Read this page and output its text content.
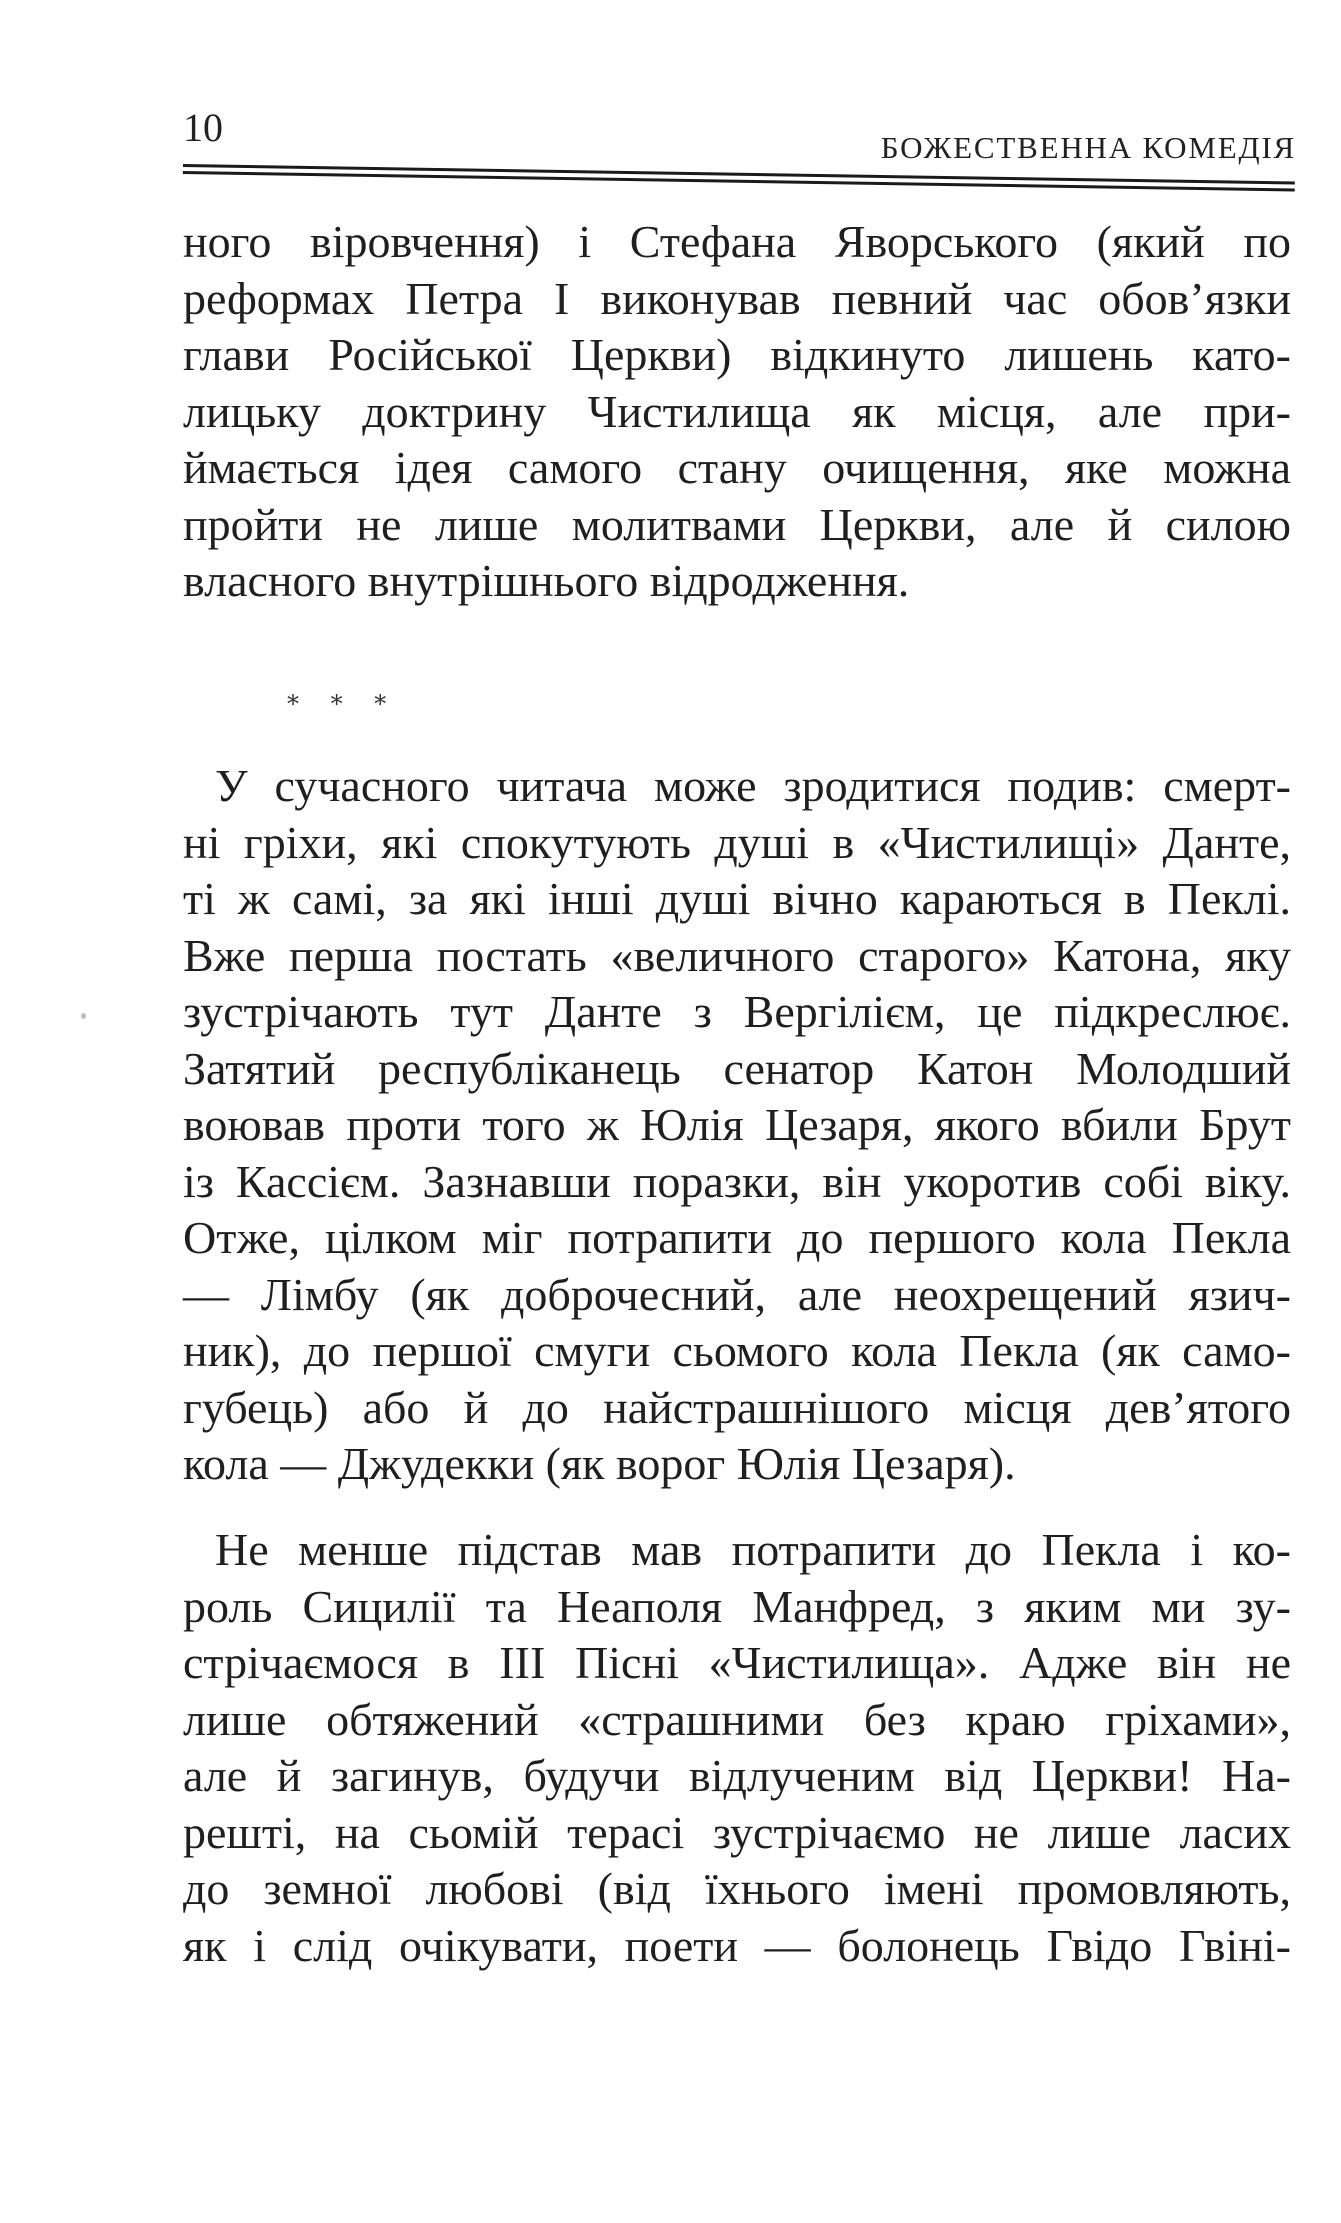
10	БОЖЕСТВЕННА КОМЕДІЯ
ного віровчення) і Стефана Яворського (який по
реформах Петра I виконував певний час обов’язки
глави Російської Церкви) відкинуто лишень като-
лицьку доктрину Чистилища як місця, але при-
ймається ідея самого стану очищення, яке можна
пройти не лише молитвами Церкви, але й силою
власного внутрішнього відродження.
* * *
У сучасного читача може зродитися подив: смерт-
ні гріхи, які спокутують душі в «Чистилищі» Данте,
ті ж самі, за які інші душі вічно караються в Пеклі.
Вже перша постать «величного старого» Катона, яку
зустрічають тут Данте з Вергілієм, це підкреслює.
Затятий республіканець сенатор Катон Молодший
воював проти того ж Юлія Цезаря, якого вбили Брут
із Кассієм. Зазнавши поразки, він укоротив собі віку.
Отже, цілком міг потрапити до першого кола Пекла
— Лімбу (як доброчесний, але неохрещений язич-
ник), до першої смуги сьомого кола Пекла (як само-
губець) або й до найстрашнішого місця дев’ятого
кола — Джудекки (як ворог Юлія Цезаря).
Не менше підстав мав потрапити до Пекла і ко-
роль Сицилії та Неаполя Манфред, з яким ми зу-
стрічаємося в III Пісні «Чистилища». Адже він не
лише обтяжений «страшними без краю гріхами»,
але й загинув, будучи відлученим від Церкви! На-
решті, на сьомій терасі зустрічаємо не лише ласих
до земної любові (від їхнього імені промовляють,
як і слід очікувати, поети — болонець Гвідо Гвіні-
